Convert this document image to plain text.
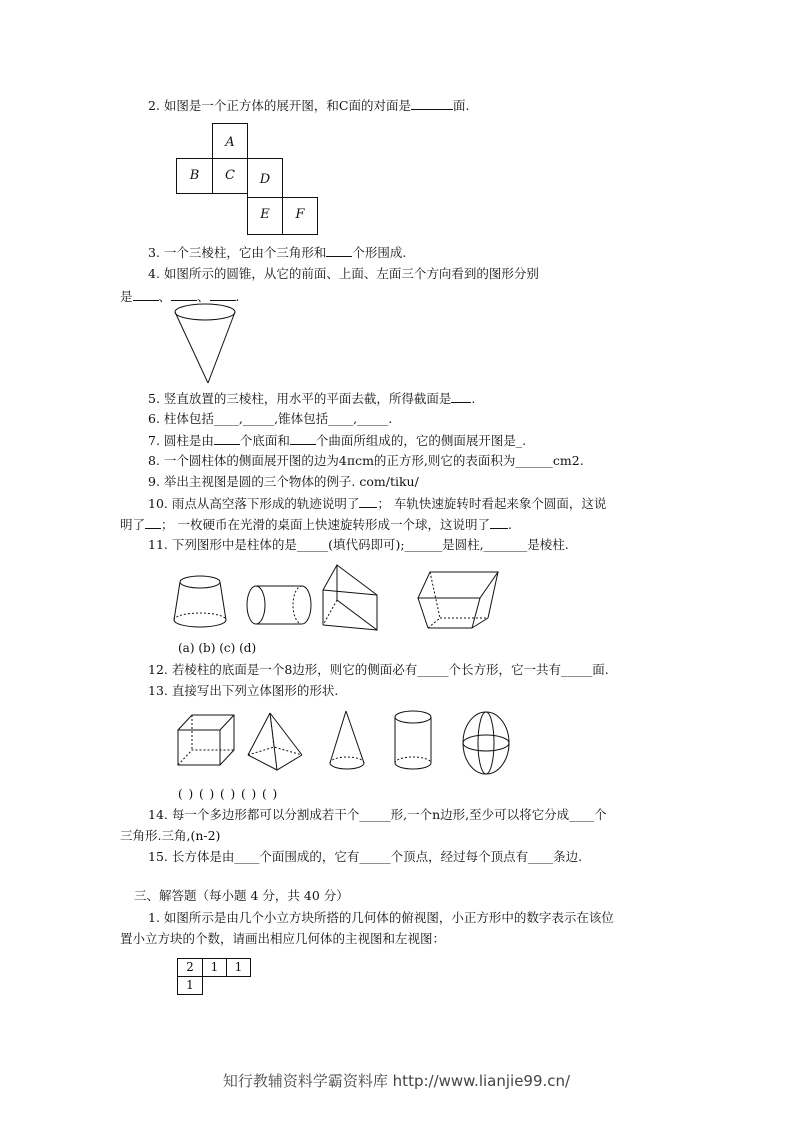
2. 如图是一个正方体的展开图，和C面的对面是	面.
A
B	C	D
E	F
3. 一个三棱柱，它由个三角形和 个形围成.
4. 如图所示的圆锥，从它的前面、上面、左面三个方向看到的图形分别
是 、 、 .
5. 竖直放置的三棱柱，用水平的平面去截，所得截面是 .
6. 柱体包括____,_____,锥体包括____,_____.
7. 圆柱是由 个底面和 个曲面所组成的，它的侧面展开图是_.
8. 一个圆柱体的侧面展开图的边为4πcm的正方形,则它的表面积为______cm2.
9. 举出主视图是圆的三个物体的例子. com/tiku/
10. 雨点从高空落下形成的轨迹说明了 ； 车轨快速旋转时看起来象个圆面，这说
明了 ； 一枚硬币在光滑的桌面上快速旋转形成一个球，这说明了 .
11. 下列图形中是柱体的是_____(填代码即可);______是圆柱,_______是棱柱.
(a) (b) (c) (d)
12. 若棱柱的底面是一个8边形，则它的侧面必有_____个长方形，它一共有_____面.
13. 直接写出下列立体图形的形状.
( ) ( ) ( ) ( ) ( )
14. 每一个多边形都可以分割成若干个_____形,一个n边形,至少可以将它分成____个
三角形.三角,(n-2)
15. 长方体是由____个面围成的，它有_____个顶点，经过每个顶点有____条边.
三、解答题（每小题 4 分，共 40 分）
1. 如图所示是由几个小立方块所搭的几何体的俯视图，小正方形中的数字表示在该位
置小立方块的个数，请画出相应几何体的主视图和左视图：
2	1	1
1
知行教辅资料学霸资料库 http://www.lianjie99.cn/
